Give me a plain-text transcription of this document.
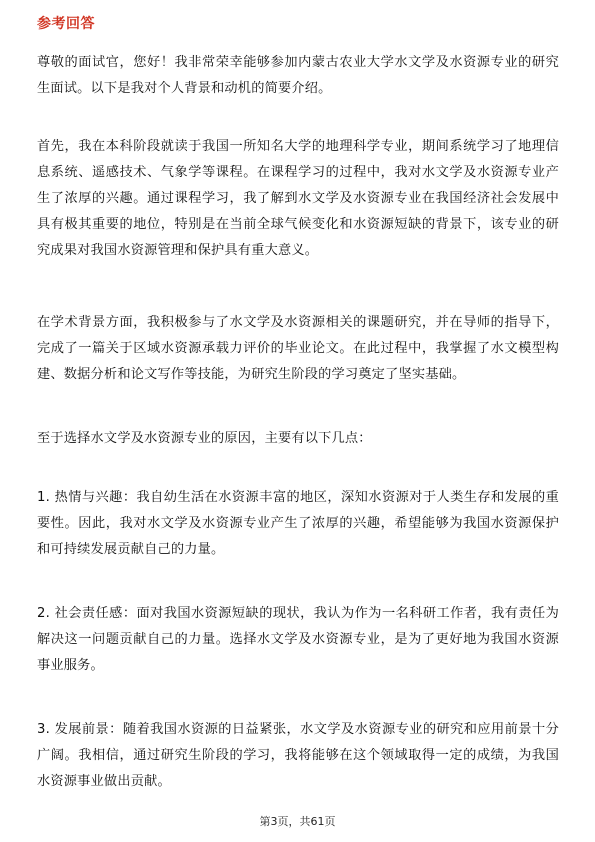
参考回答

尊敬的面试官，您好！我非常荣幸能够参加内蒙古农业大学水文学及水资源专业的研究生面试。以下是我对个人背景和动机的简要介绍。

首先，我在本科阶段就读于我国一所知名大学的地理科学专业，期间系统学习了地理信息系统、遥感技术、气象学等课程。在课程学习的过程中，我对水文学及水资源专业产生了浓厚的兴趣。通过课程学习，我了解到水文学及水资源专业在我国经济社会发展中具有极其重要的地位，特别是在当前全球气候变化和水资源短缺的背景下，该专业的研究成果对我国水资源管理和保护具有重大意义。

在学术背景方面，我积极参与了水文学及水资源相关的课题研究，并在导师的指导下，完成了一篇关于区域水资源承载力评价的毕业论文。在此过程中，我掌握了水文模型构建、数据分析和论文写作等技能，为研究生阶段的学习奠定了坚实基础。

至于选择水文学及水资源专业的原因，主要有以下几点：

1. 热情与兴趣：我自幼生活在水资源丰富的地区，深知水资源对于人类生存和发展的重要性。因此，我对水文学及水资源专业产生了浓厚的兴趣，希望能够为我国水资源保护和可持续发展贡献自己的力量。

2. 社会责任感：面对我国水资源短缺的现状，我认为作为一名科研工作者，我有责任为解决这一问题贡献自己的力量。选择水文学及水资源专业，是为了更好地为我国水资源事业服务。

3. 发展前景：随着我国水资源的日益紧张，水文学及水资源专业的研究和应用前景十分广阔。我相信，通过研究生阶段的学习，我将能够在这个领域取得一定的成绩，为我国水资源事业做出贡献。

第3页，共61页
